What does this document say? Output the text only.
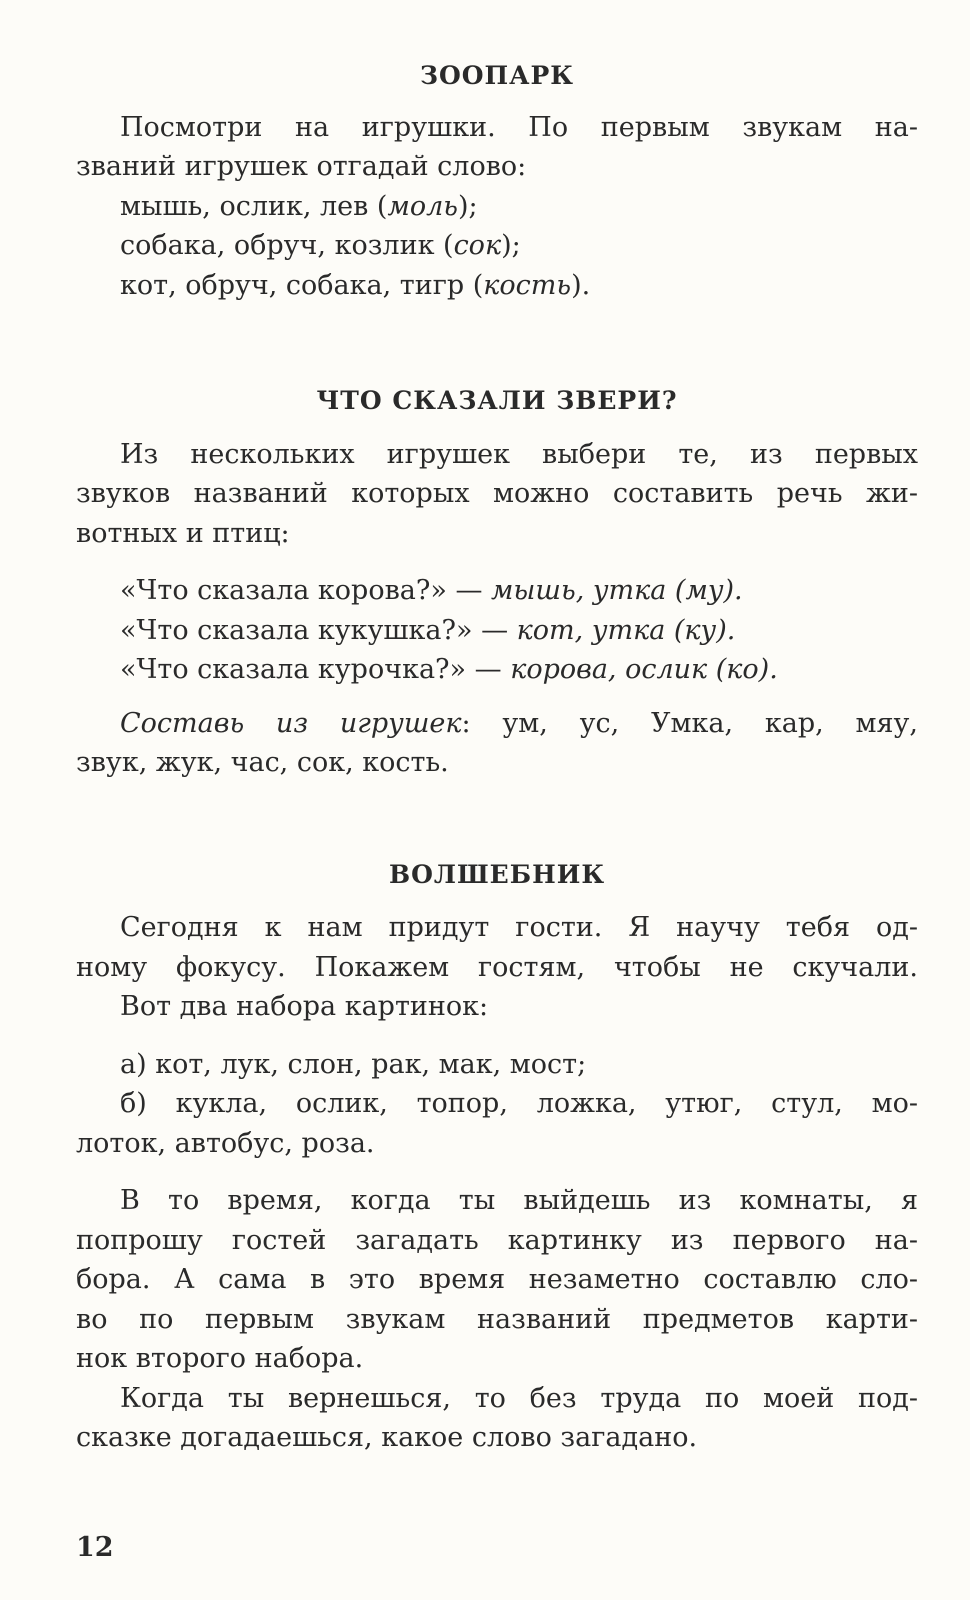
ЗООПАРК

Посмотри на игрушки. По первым звукам на-

званий игрушек отгадай слово:

мышь, ослик, лев (моль);

собака, обруч, козлик (сок);

кот, обруч, собака, тигр (кость).

ЧТО СКАЗАЛИ ЗВЕРИ?

Из нескольких игрушек выбери те, из первых

звуков названий которых можно составить речь жи-

вотных и птиц:

«Что сказала корова?» — мышь, утка (му).

«Что сказала кукушка?» — кот, утка (ку).

«Что сказала курочка?» — корова, ослик (ко).

Составь из игрушек: ум, ус, Умка, кар, мяу,

звук, жук, час, сок, кость.

ВОЛШЕБНИК

Сегодня к нам придут гости. Я научу тебя од-

ному фокусу. Покажем гостям, чтобы не скучали.

Вот два набора картинок:

а) кот, лук, слон, рак, мак, мост;

б) кукла, ослик, топор, ложка, утюг, стул, мо-

лоток, автобус, роза.

В то время, когда ты выйдешь из комнаты, я

попрошу гостей загадать картинку из первого на-

бора. А сама в это время незаметно составлю сло-

во по первым звукам названий предметов карти-

нок второго набора.

Когда ты вернешься, то без труда по моей под-

сказке догадаешься, какое слово загадано.

12
